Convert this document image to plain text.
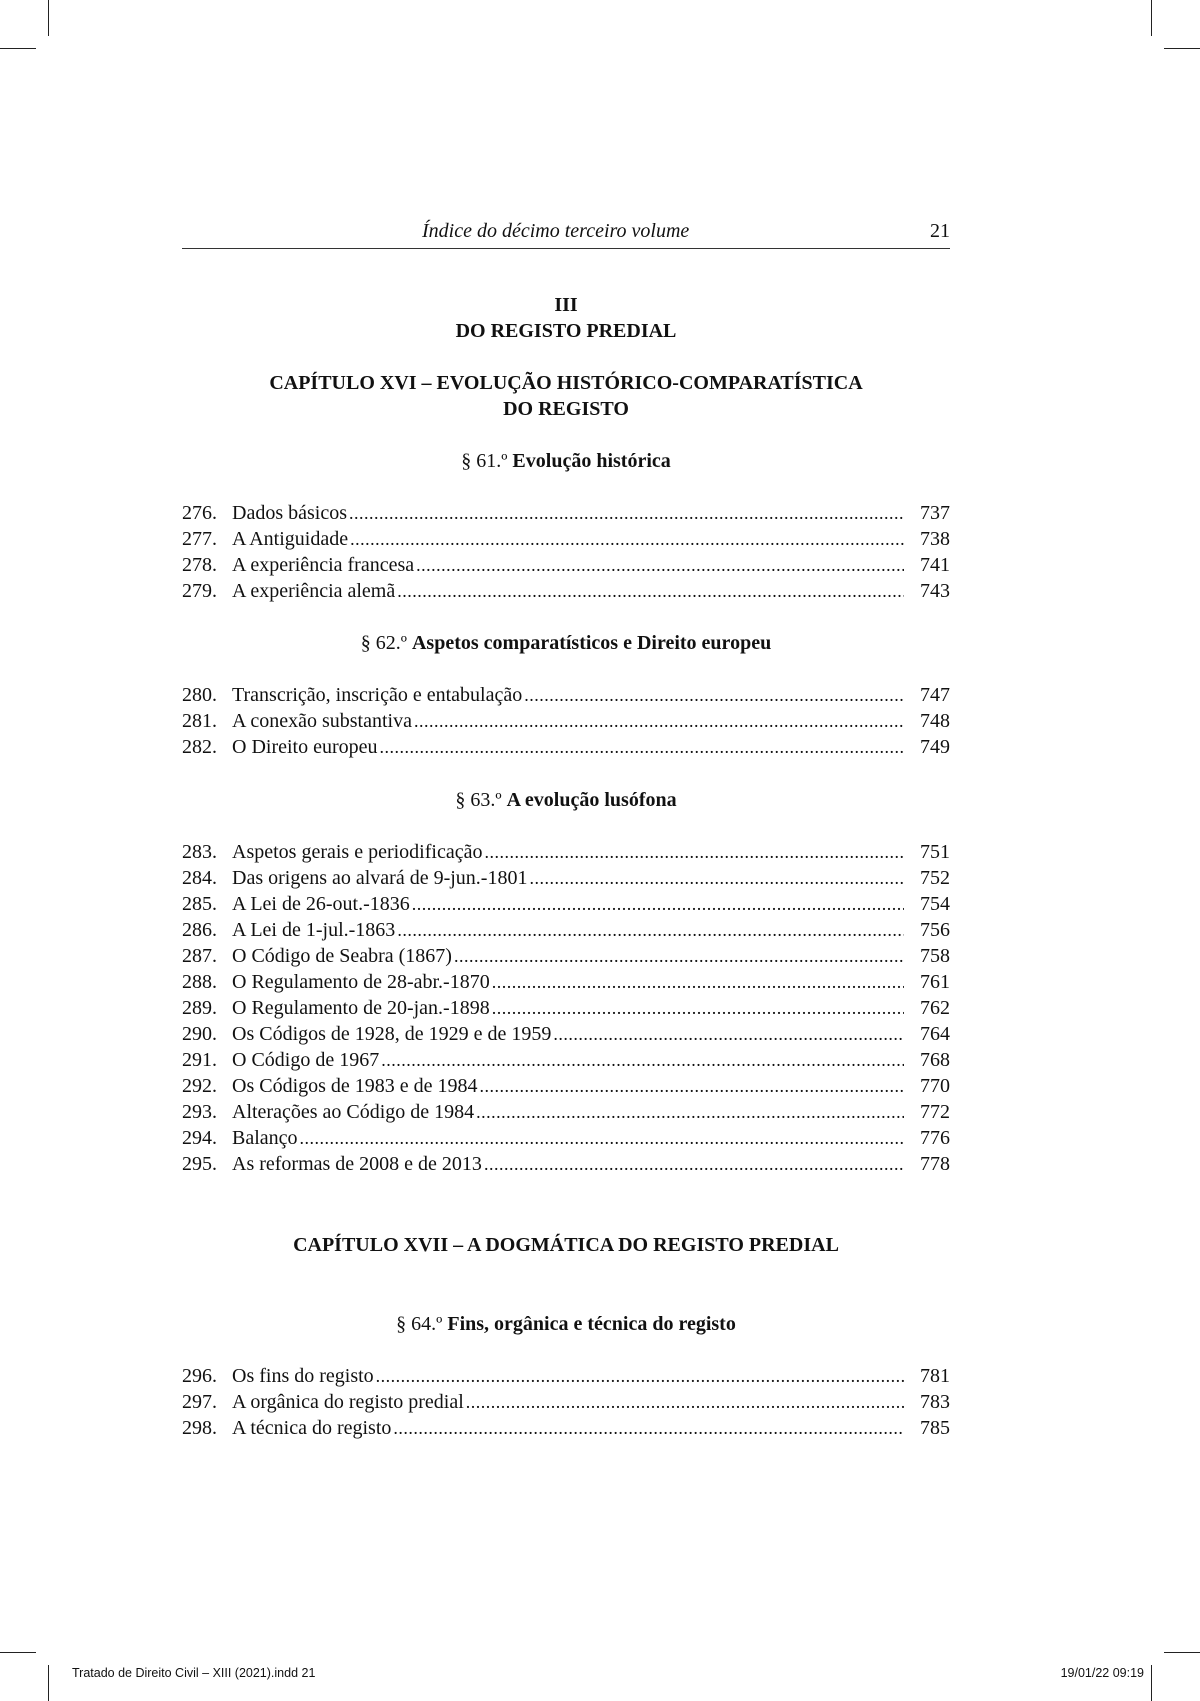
Índice do décimo terceiro volume	21
III
DO REGISTO PREDIAL
CAPÍTULO XVI – EVOLUÇÃO HISTÓRICO-COMPARATÍSTICA
DO REGISTO
§ 61.º Evolução histórica
276. Dados básicos .....	737
277. A Antiguidade .....	738
278. A experiência francesa .....	741
279. A experiência alemã .....	743
§ 62.º Aspetos comparatísticos e Direito europeu
280. Transcrição, inscrição e entabulação .....	747
281. A conexão substantiva .....	748
282. O Direito europeu .....	749
§ 63.º A evolução lusófona
283. Aspetos gerais e periodificação .....	751
284. Das origens ao alvará de 9-jun.-1801 .....	752
285. A Lei de 26-out.-1836 .....	754
286. A Lei de 1-jul.-1863 .....	756
287. O Código de Seabra (1867) .....	758
288. O Regulamento de 28-abr.-1870 .....	761
289. O Regulamento de 20-jan.-1898 .....	762
290. Os Códigos de 1928, de 1929 e de 1959 .....	764
291. O Código de 1967 .....	768
292. Os Códigos de 1983 e de 1984 .....	770
293. Alterações ao Código de 1984 .....	772
294. Balanço .....	776
295. As reformas de 2008 e de 2013 .....	778
CAPÍTULO XVII – A DOGMÁTICA DO REGISTO PREDIAL
§ 64.º Fins, orgânica e técnica do registo
296. Os fins do registo .....	781
297. A orgânica do registo predial .....	783
298. A técnica do registo .....	785
Tratado de Direito Civil – XIII (2021).indd 21	19/01/22 09:19
